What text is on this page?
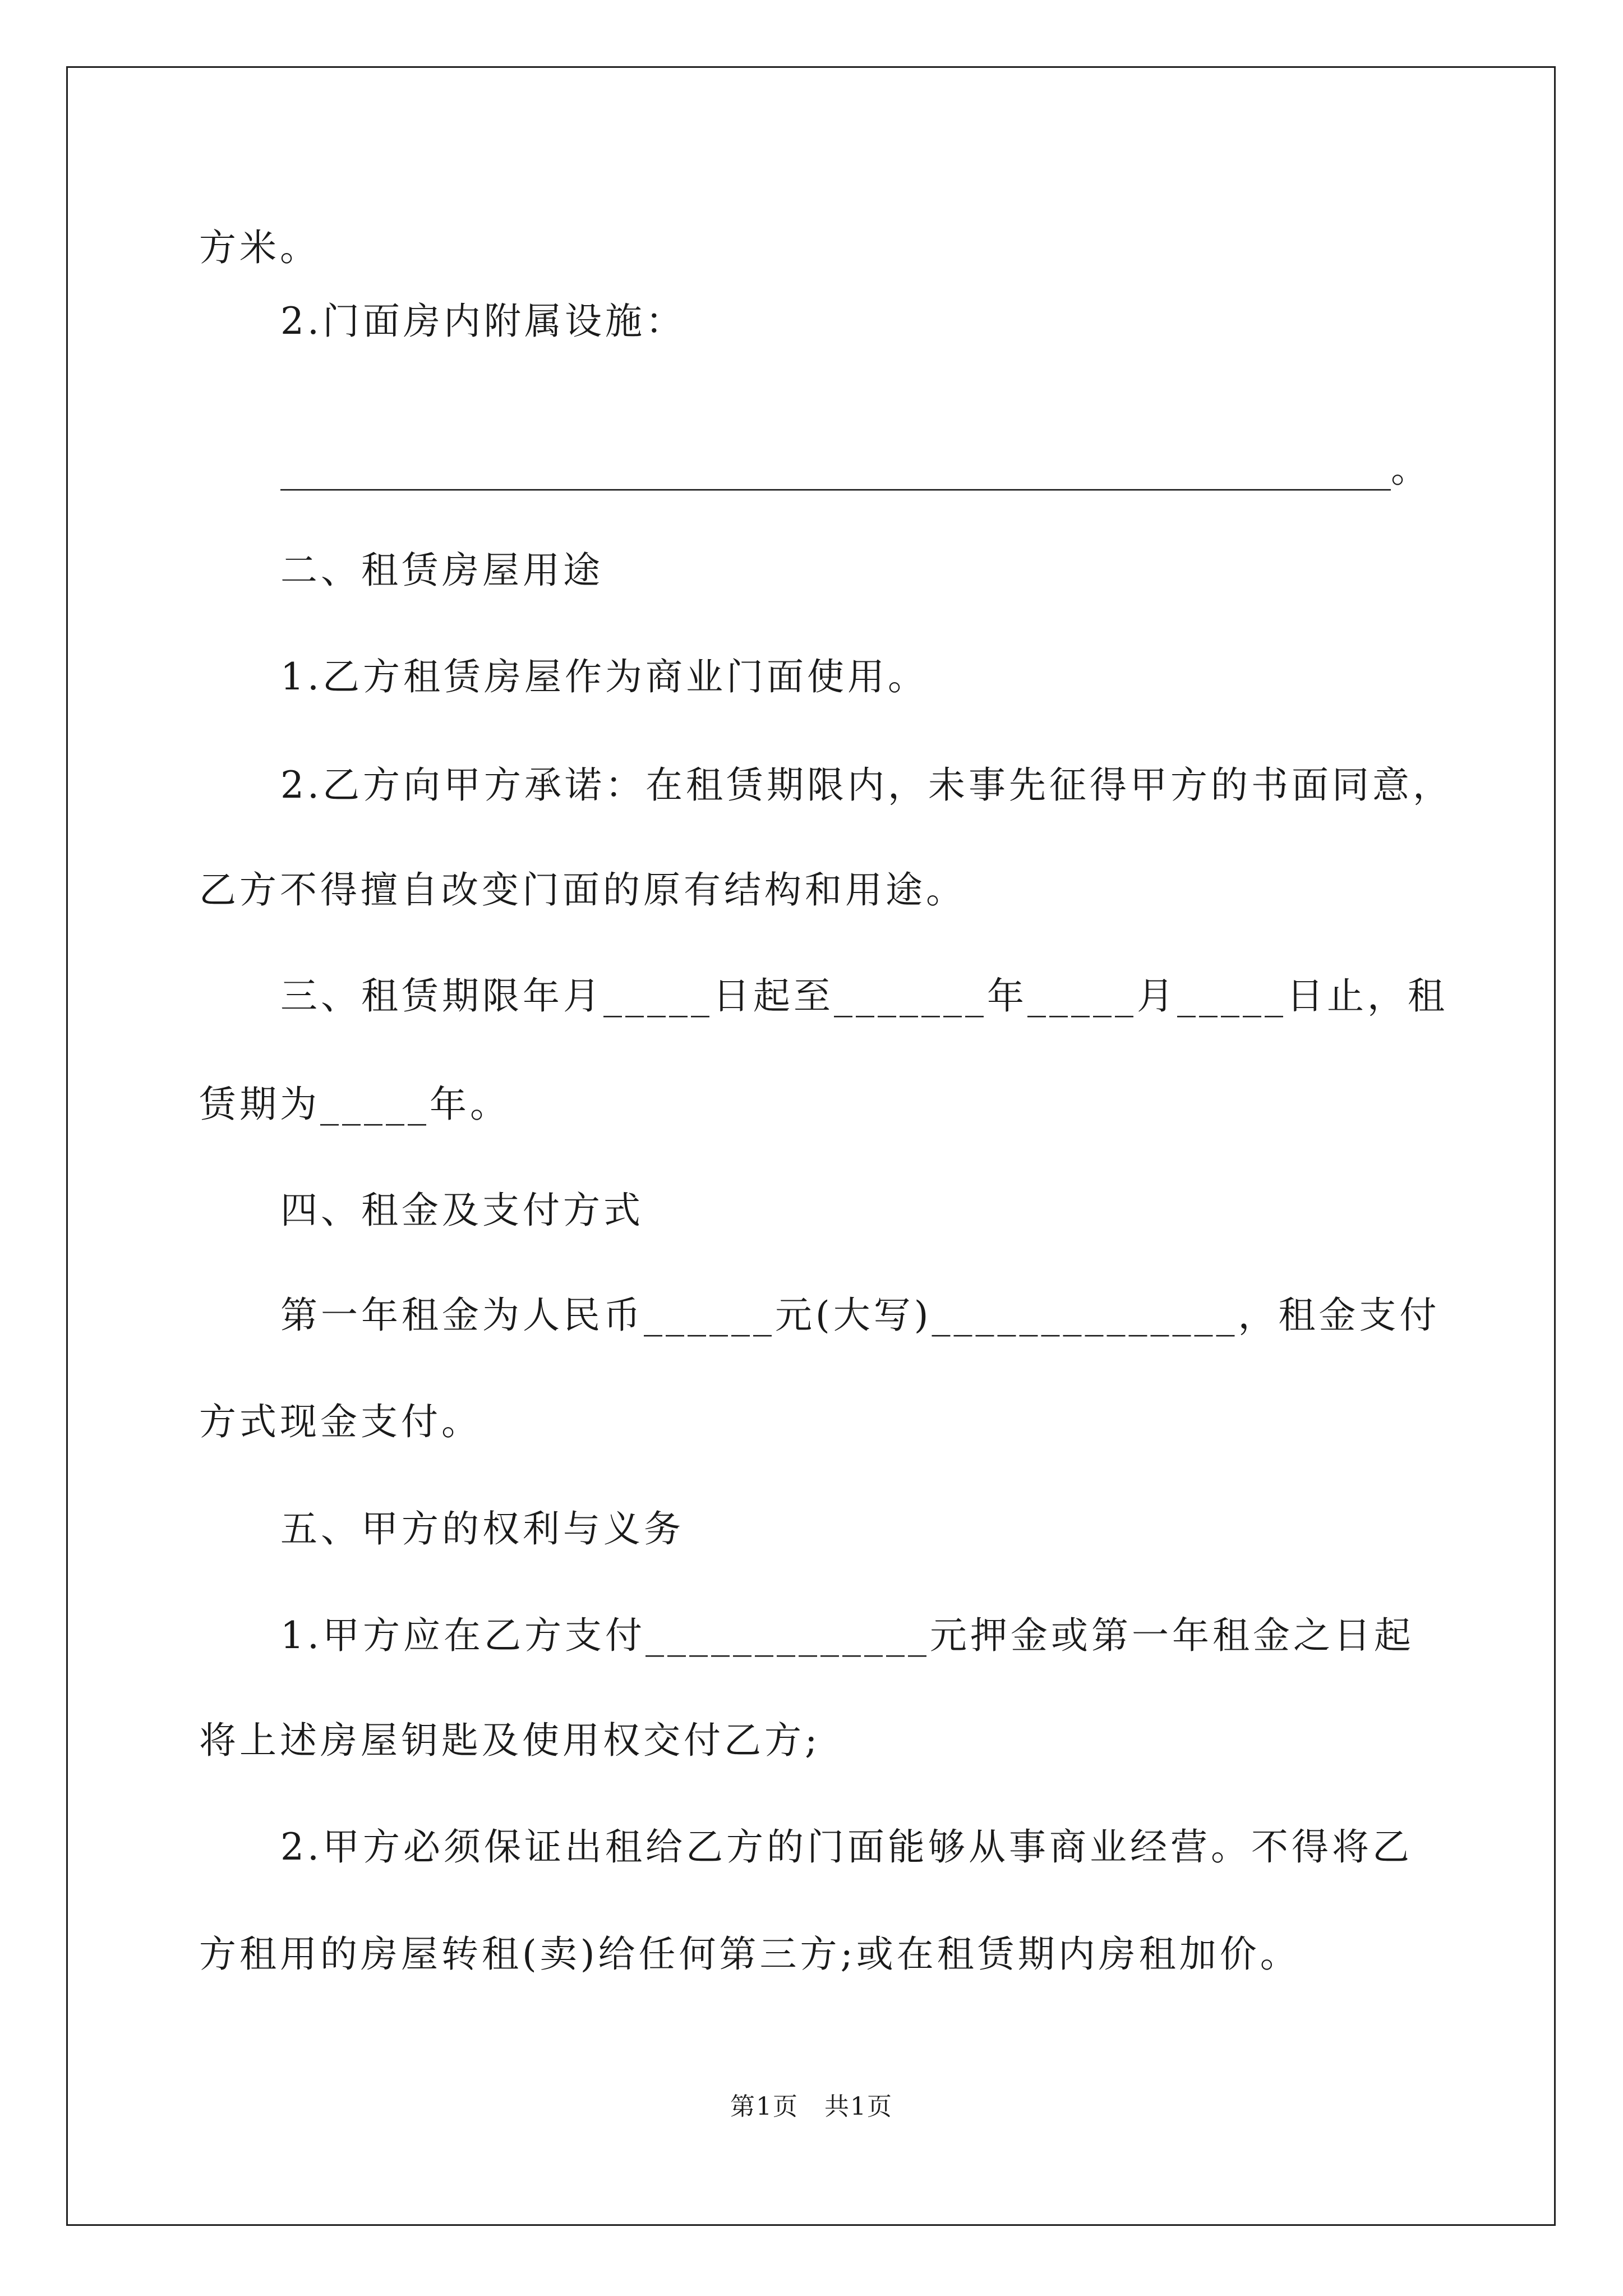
方米。
2.门面房内附属设施：
____________________________________________________________。
二、租赁房屋用途
1.乙方租赁房屋作为商业门面使用。
2.乙方向甲方承诺：在租赁期限内，未事先征得甲方的书面同意，
乙方不得擅自改变门面的原有结构和用途。
三、租赁期限年月_____日起至_______年_____月_____日止，租
赁期为_____年。
四、租金及支付方式
第一年租金为人民币______元(大写)______________，租金支付
方式现金支付。
五、甲方的权利与义务
1.甲方应在乙方支付_____________元押金或第一年租金之日起
将上述房屋钥匙及使用权交付乙方;
2.甲方必须保证出租给乙方的门面能够从事商业经营。不得将乙
方租用的房屋转租(卖)给任何第三方;或在租赁期内房租加价。
第1页　共1页
